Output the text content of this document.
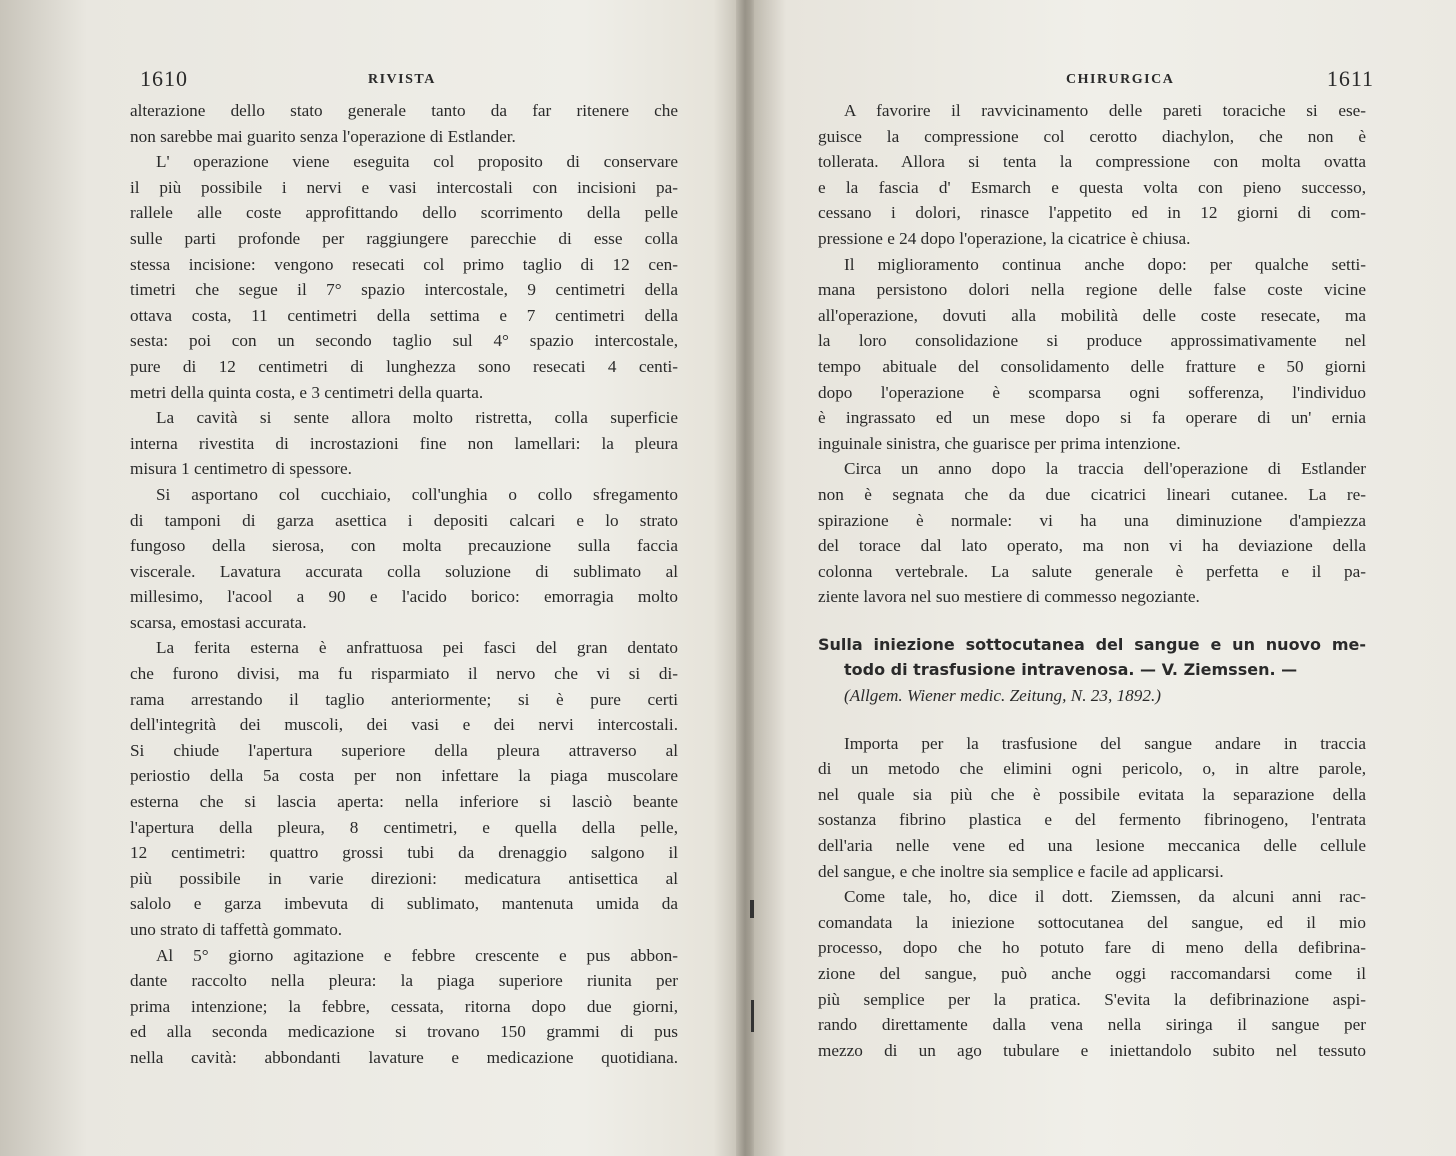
1610	RIVISTA
alterazione dello stato generale tanto da far ritenere che
non sarebbe mai guarito senza l'operazione di Estlander.
L' operazione viene eseguita col proposito di conservare
il più possibile i nervi e vasi intercostali con incisioni pa-
rallele alle coste approfittando dello scorrimento della pelle
sulle parti profonde per raggiungere parecchie di esse colla
stessa incisione: vengono resecati col primo taglio di 12 cen-
timetri che segue il 7° spazio intercostale, 9 centimetri della
ottava costa, 11 centimetri della settima e 7 centimetri della
sesta: poi con un secondo taglio sul 4° spazio intercostale,
pure di 12 centimetri di lunghezza sono resecati 4 centi-
metri della quinta costa, e 3 centimetri della quarta.
La cavità si sente allora molto ristretta, colla superficie
interna rivestita di incrostazioni fine non lamellari: la pleura
misura 1 centimetro di spessore.
Si asportano col cucchiaio, coll'unghia o collo sfregamento
di tamponi di garza asettica i depositi calcari e lo strato
fungoso della sierosa, con molta precauzione sulla faccia
viscerale. Lavatura accurata colla soluzione di sublimato al
millesimo, l'acool a 90 e l'acido borico: emorragia molto
scarsa, emostasi accurata.
La ferita esterna è anfrattuosa pei fasci del gran dentato
che furono divisi, ma fu risparmiato il nervo che vi si di-
rama arrestando il taglio anteriormente; si è pure certi
dell'integrità dei muscoli, dei vasi e dei nervi intercostali.
Si chiude l'apertura superiore della pleura attraverso al
periostio della 5a costa per non infettare la piaga muscolare
esterna che si lascia aperta: nella inferiore si lasciò beante
l'apertura della pleura, 8 centimetri, e quella della pelle,
12 centimetri: quattro grossi tubi da drenaggio salgono il
più possibile in varie direzioni: medicatura antisettica al
salolo e garza imbevuta di sublimato, mantenuta umida da
uno strato di taffettà gommato.
Al 5° giorno agitazione e febbre crescente e pus abbon-
dante raccolto nella pleura: la piaga superiore riunita per
prima intenzione; la febbre, cessata, ritorna dopo due giorni,
ed alla seconda medicazione si trovano 150 grammi di pus
nella cavità: abbondanti lavature e medicazione quotidiana.
CHIRURGICA	1611
A favorire il ravvicinamento delle pareti toraciche si ese-
guisce la compressione col cerotto diachylon, che non è
tollerata. Allora si tenta la compressione con molta ovatta
e la fascia d' Esmarch e questa volta con pieno successo,
cessano i dolori, rinasce l'appetito ed in 12 giorni di com-
pressione e 24 dopo l'operazione, la cicatrice è chiusa.
Il miglioramento continua anche dopo: per qualche setti-
mana persistono dolori nella regione delle false coste vicine
all'operazione, dovuti alla mobilità delle coste resecate, ma
la loro consolidazione si produce approssimativamente nel
tempo abituale del consolidamento delle fratture e 50 giorni
dopo l'operazione è scomparsa ogni sofferenza, l'individuo
è ingrassato ed un mese dopo si fa operare di un' ernia
inguinale sinistra, che guarisce per prima intenzione.
Circa un anno dopo la traccia dell'operazione di Estlander
non è segnata che da due cicatrici lineari cutanee. La re-
spirazione è normale: vi ha una diminuzione d'ampiezza
del torace dal lato operato, ma non vi ha deviazione della
colonna vertebrale. La salute generale è perfetta e il pa-
ziente lavora nel suo mestiere di commesso negoziante.
Sulla iniezione sottocutanea del sangue e un nuovo me-
todo di trasfusione intravenosa. — V. Ziemssen. —
(Allgem. Wiener medic. Zeitung, N. 23, 1892.)
Importa per la trasfusione del sangue andare in traccia
di un metodo che elimini ogni pericolo, o, in altre parole,
nel quale sia più che è possibile evitata la separazione della
sostanza fibrino plastica e del fermento fibrinogeno, l'entrata
dell'aria nelle vene ed una lesione meccanica delle cellule
del sangue, e che inoltre sia semplice e facile ad applicarsi.
Come tale, ho, dice il dott. Ziemssen, da alcuni anni rac-
comandata la iniezione sottocutanea del sangue, ed il mio
processo, dopo che ho potuto fare di meno della defibrina-
zione del sangue, può anche oggi raccomandarsi come il
più semplice per la pratica. S'evita la defibrinazione aspi-
rando direttamente dalla vena nella siringa il sangue per
mezzo di un ago tubulare e iniettandolo subito nel tessuto
